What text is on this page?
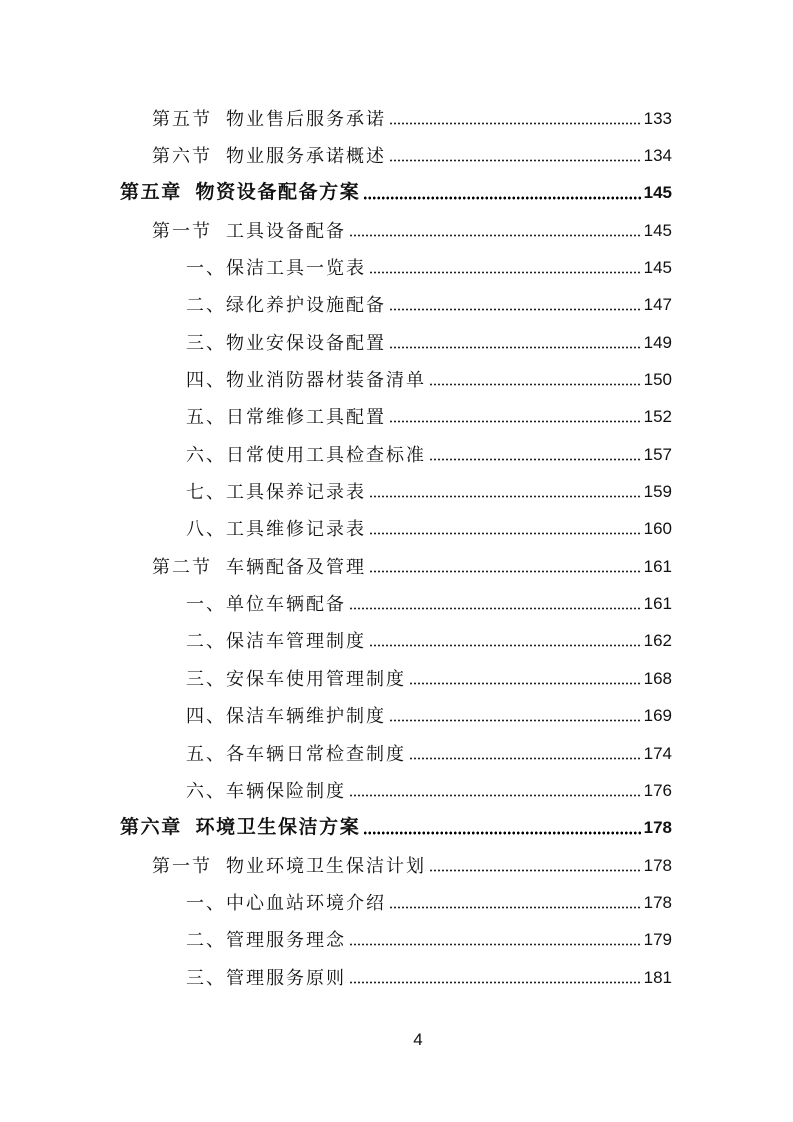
第五节  物业售后服务承诺	133
第六节  物业服务承诺概述	134
第五章  物资设备配备方案	145
第一节  工具设备配备	145
一、保洁工具一览表	145
二、绿化养护设施配备	147
三、物业安保设备配置	149
四、物业消防器材装备清单	150
五、日常维修工具配置	152
六、日常使用工具检查标准	157
七、工具保养记录表	159
八、工具维修记录表	160
第二节  车辆配备及管理	161
一、单位车辆配备	161
二、保洁车管理制度	162
三、安保车使用管理制度	168
四、保洁车辆维护制度	169
五、各车辆日常检查制度	174
六、车辆保险制度	176
第六章  环境卫生保洁方案	178
第一节  物业环境卫生保洁计划	178
一、中心血站环境介绍	178
二、管理服务理念	179
三、管理服务原则	181
4
